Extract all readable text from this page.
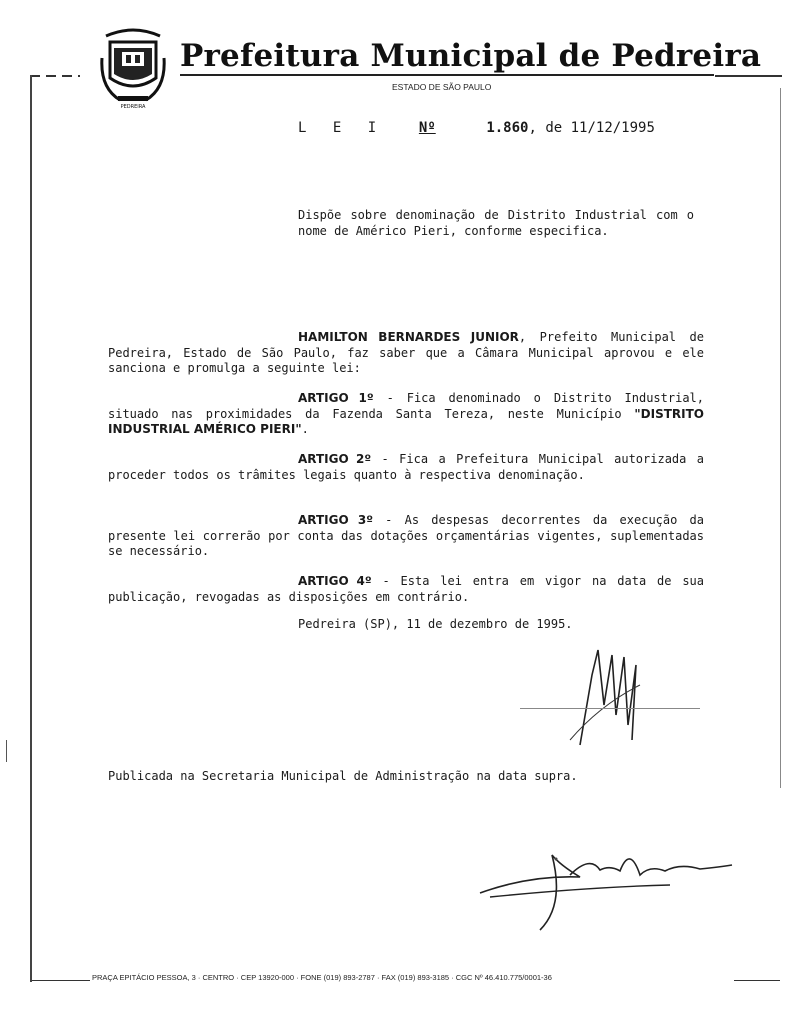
PEDREIRA
Prefeitura Municipal de Pedreira
ESTADO DE SÃO PAULO
L E I Nº	1.860, de 11/12/1995
Dispõe sobre denominação de Distrito Industrial com o nome de Américo Pieri, conforme especifica.
HAMILTON BERNARDES JUNIOR, Prefeito Municipal de Pedreira, Estado de São Paulo, faz saber que a Câmara Municipal aprovou e ele sanciona e promulga a seguinte lei:
ARTIGO 1º - Fica denominado o Distrito Industrial, situado nas proximidades da Fazenda Santa Tereza, neste Município "DISTRITO INDUSTRIAL AMÉRICO PIERI".
ARTIGO 2º - Fica a Prefeitura Municipal autorizada a proceder todos os trâmites legais quanto à respectiva denominação.
ARTIGO 3º - As despesas decorrentes da execução da presente lei correrão por conta das dotações orçamentárias vigentes, suplementadas se necessário.
ARTIGO 4º - Esta lei entra em vigor na data de sua publicação, revogadas as disposições em contrário.
Pedreira (SP), 11 de dezembro de 1995.
Publicada na Secretaria Municipal de Administração na data supra.
PRAÇA EPITÁCIO PESSOA, 3 · CENTRO · CEP 13920-000 · FONE (019) 893-2787 · FAX (019) 893-3185 · CGC Nº 46.410.775/0001-36
